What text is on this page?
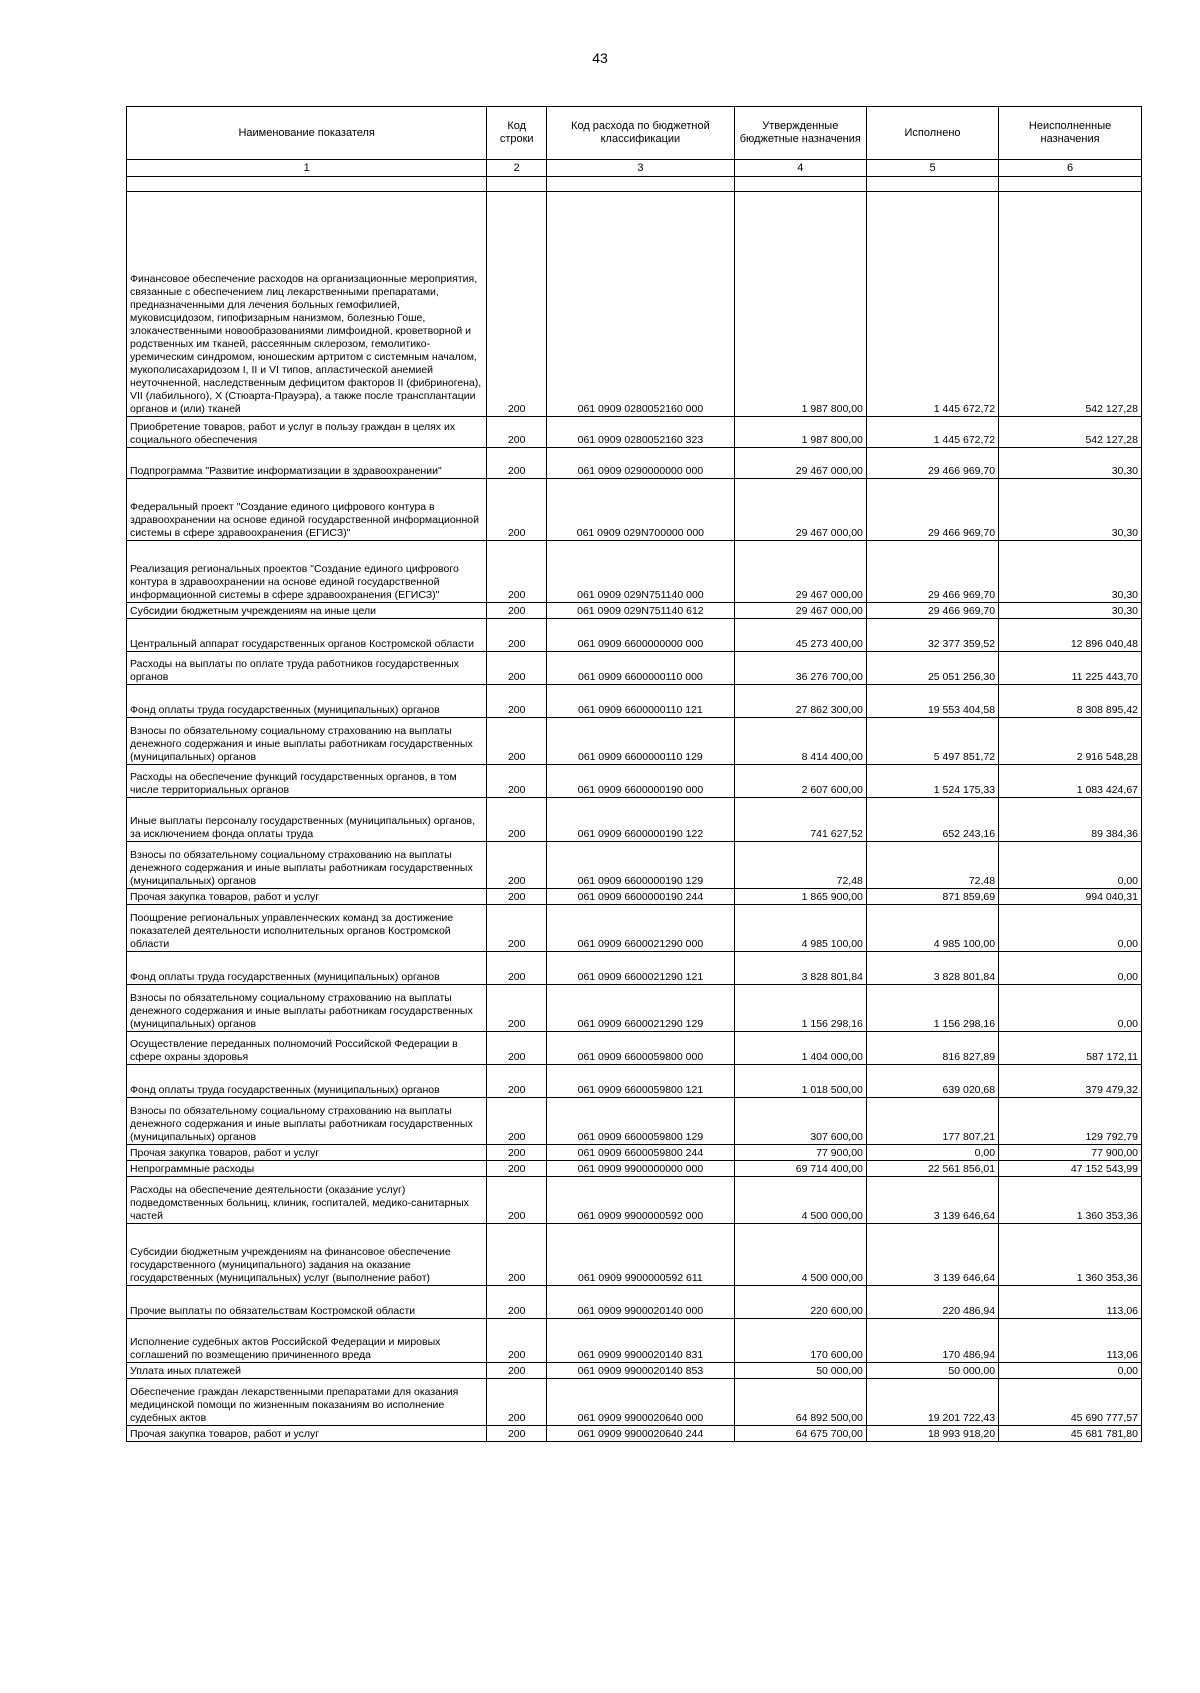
43
Наименование показателя	Код строки	Код расхода по бюджетной классификации	Утвержденные бюджетные назначения	Исполнено	Неисполненные назначения
1	2	3	4	5	6

Финансовое обеспечение расходов на организационные мероприятия, связанные с обеспечением лиц лекарственными препаратами, предназначенными для лечения больных гемофилией, муковисцидозом, гипофизарным нанизмом, болезнью Гоше, злокачественными новообразованиями лимфоидной, кроветворной и родственных им тканей, рассеянным склерозом, гемолитико-уремическим синдромом, юношеским артритом с системным началом, мукополисахаридозом I, II и VI типов, апластической анемией неуточненной, наследственным дефицитом факторов II (фибриногена), VII (лабильного), X (Стюарта-Прауэра), а также после трансплантации органов и (или) тканей	200	061 0909 0280052160 000	1 987 800,00	1 445 672,72	542 127,28
Приобретение товаров, работ и услуг в пользу граждан в целях их социального обеспечения	200	061 0909 0280052160 323	1 987 800,00	1 445 672,72	542 127,28
Подпрограмма "Развитие информатизации в здравоохранении"	200	061 0909 0290000000 000	29 467 000,00	29 466 969,70	30,30
Федеральный проект "Создание единого цифрового контура в здравоохранении на основе единой государственной информационной системы в сфере здравоохранения (ЕГИСЗ)"	200	061 0909 029N700000 000	29 467 000,00	29 466 969,70	30,30
Реализация региональных проектов "Создание единого цифрового контура в здравоохранении на основе единой государственной информационной системы в сфере здравоохранения (ЕГИСЗ)"	200	061 0909 029N751140 000	29 467 000,00	29 466 969,70	30,30
Субсидии бюджетным учреждениям на иные цели	200	061 0909 029N751140 612	29 467 000,00	29 466 969,70	30,30
Центральный аппарат государственных органов Костромской области	200	061 0909 6600000000 000	45 273 400,00	32 377 359,52	12 896 040,48
Расходы на выплаты по оплате труда работников государственных органов	200	061 0909 6600000110 000	36 276 700,00	25 051 256,30	11 225 443,70
Фонд оплаты труда государственных (муниципальных) органов	200	061 0909 6600000110 121	27 862 300,00	19 553 404,58	8 308 895,42
Взносы по обязательному социальному страхованию на выплаты денежного содержания и иные выплаты работникам государственных (муниципальных) органов	200	061 0909 6600000110 129	8 414 400,00	5 497 851,72	2 916 548,28
Расходы на обеспечение функций государственных органов, в том числе территориальных органов	200	061 0909 6600000190 000	2 607 600,00	1 524 175,33	1 083 424,67
Иные выплаты персоналу государственных (муниципальных) органов, за исключением фонда оплаты труда	200	061 0909 6600000190 122	741 627,52	652 243,16	89 384,36
Взносы по обязательному социальному страхованию на выплаты денежного содержания и иные выплаты работникам государственных (муниципальных) органов	200	061 0909 6600000190 129	72,48	72,48	0,00
Прочая закупка товаров, работ и услуг	200	061 0909 6600000190 244	1 865 900,00	871 859,69	994 040,31
Поощрение региональных управленческих команд за достижение показателей деятельности исполнительных органов Костромской области	200	061 0909 6600021290 000	4 985 100,00	4 985 100,00	0,00
Фонд оплаты труда государственных (муниципальных) органов	200	061 0909 6600021290 121	3 828 801,84	3 828 801,84	0,00
Взносы по обязательному социальному страхованию на выплаты денежного содержания и иные выплаты работникам государственных (муниципальных) органов	200	061 0909 6600021290 129	1 156 298,16	1 156 298,16	0,00
Осуществление переданных полномочий Российской Федерации в сфере охраны здоровья	200	061 0909 6600059800 000	1 404 000,00	816 827,89	587 172,11
Фонд оплаты труда государственных (муниципальных) органов	200	061 0909 6600059800 121	1 018 500,00	639 020,68	379 479,32
Взносы по обязательному социальному страхованию на выплаты денежного содержания и иные выплаты работникам государственных (муниципальных) органов	200	061 0909 6600059800 129	307 600,00	177 807,21	129 792,79
Прочая закупка товаров, работ и услуг	200	061 0909 6600059800 244	77 900,00	0,00	77 900,00
Непрограммные расходы	200	061 0909 9900000000 000	69 714 400,00	22 561 856,01	47 152 543,99
Расходы на обеспечение деятельности (оказание услуг) подведомственных больниц, клиник, госпиталей, медико-санитарных частей	200	061 0909 9900000592 000	4 500 000,00	3 139 646,64	1 360 353,36
Субсидии бюджетным учреждениям на финансовое обеспечение государственного (муниципального) задания на оказание государственных (муниципальных) услуг (выполнение работ)	200	061 0909 9900000592 611	4 500 000,00	3 139 646,64	1 360 353,36
Прочие выплаты по обязательствам Костромской области	200	061 0909 9900020140 000	220 600,00	220 486,94	113,06
Исполнение судебных актов Российской Федерации и мировых соглашений по возмещению причиненного вреда	200	061 0909 9900020140 831	170 600,00	170 486,94	113,06
Уплата иных платежей	200	061 0909 9900020140 853	50 000,00	50 000,00	0,00
Обеспечение граждан лекарственными препаратами для оказания медицинской помощи по жизненным показаниям во исполнение судебных актов	200	061 0909 9900020640 000	64 892 500,00	19 201 722,43	45 690 777,57
Прочая закупка товаров, работ и услуг	200	061 0909 9900020640 244	64 675 700,00	18 993 918,20	45 681 781,80
